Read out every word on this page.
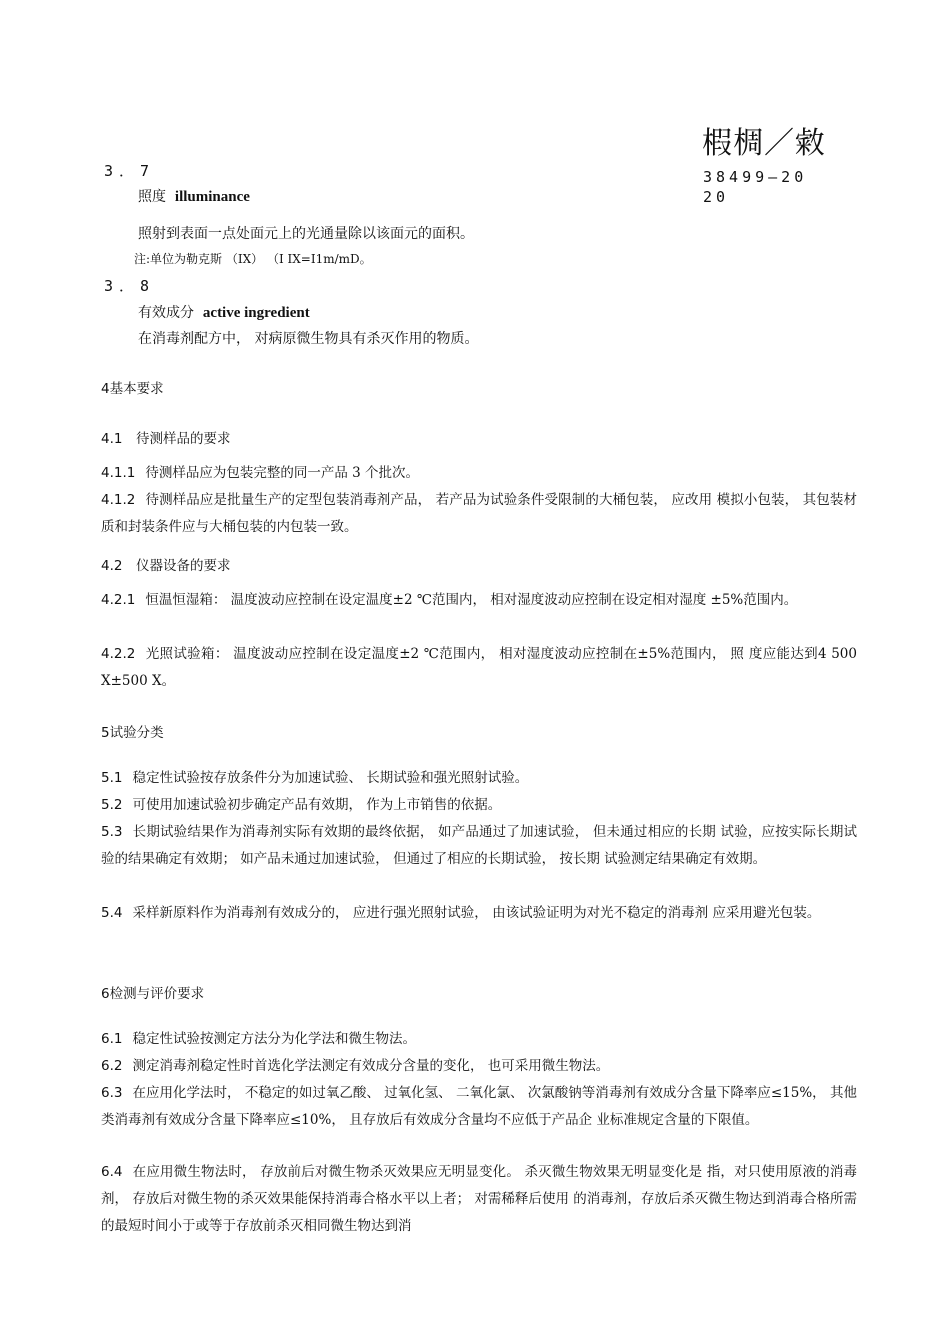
椵椆／敹
38499—20
20
3．7
照度 illuminance
照射到表面一点处面元上的光通量除以该面元的面积。
注:单位为勒克斯 （IX） （I IX=I1m/mD。
3．8
有效成分 active ingredient
在消毒剂配方中， 对病原微生物具有杀灭作用的物质。
4基本要求
4.1　待测样品的要求
4.1.1 待测样品应为包装完整的同一产品 3 个批次。
4.1.2 待测样品应是批量生产的定型包装消毒剂产品， 若产品为试验条件受限制的大桶包装， 应改用 模拟小包装， 其包装材质和封装条件应与大桶包装的内包装一致。
4.2　仪器设备的要求
4.2.1 恒温恒湿箱： 温度波动应控制在设定温度±2 ℃范围内， 相对湿度波动应控制在设定相对湿度 ±5%范围内。
4.2.2 光照试验箱： 温度波动应控制在设定温度±2 ℃范围内， 相对湿度波动应控制在±5%范围内， 照 度应能达到4 500 X±500 X。
5试验分类
5.1 稳定性试验按存放条件分为加速试验、 长期试验和强光照射试验。
5.2 可使用加速试验初步确定产品有效期， 作为上市销售的依据。
5.3 长期试验结果作为消毒剂实际有效期的最终依据， 如产品通过了加速试验， 但未通过相应的长期 试验，应按实际长期试验的结果确定有效期； 如产品未通过加速试验， 但通过了相应的长期试验， 按长期 试验测定结果确定有效期。
5.4 采样新原料作为消毒剂有效成分的， 应进行强光照射试验， 由该试验证明为对光不稳定的消毒剂 应采用避光包装。
6检测与评价要求
6.1 稳定性试验按测定方法分为化学法和微生物法。
6.2 测定消毒剂稳定性时首选化学法测定有效成分含量的变化， 也可采用微生物法。
6.3 在应用化学法时， 不稳定的如过氧乙酸、 过氧化氢、 二氧化氯、 次氯酸钠等消毒剂有效成分含量下降率应≤15%， 其他类消毒剂有效成分含量下降率应≤10%， 且存放后有效成分含量均不应低于产品企 业标准规定含量的下限值。
6.4 在应用微生物法时， 存放前后对微生物杀灭效果应无明显变化。 杀灭微生物效果无明显变化是 指，对只使用原液的消毒剂， 存放后对微生物的杀灭效果能保持消毒合格水平以上者； 对需稀释后使用 的消毒剂，存放后杀灭微生物达到消毒合格所需的最短时间小于或等于存放前杀灭相同微生物达到消
